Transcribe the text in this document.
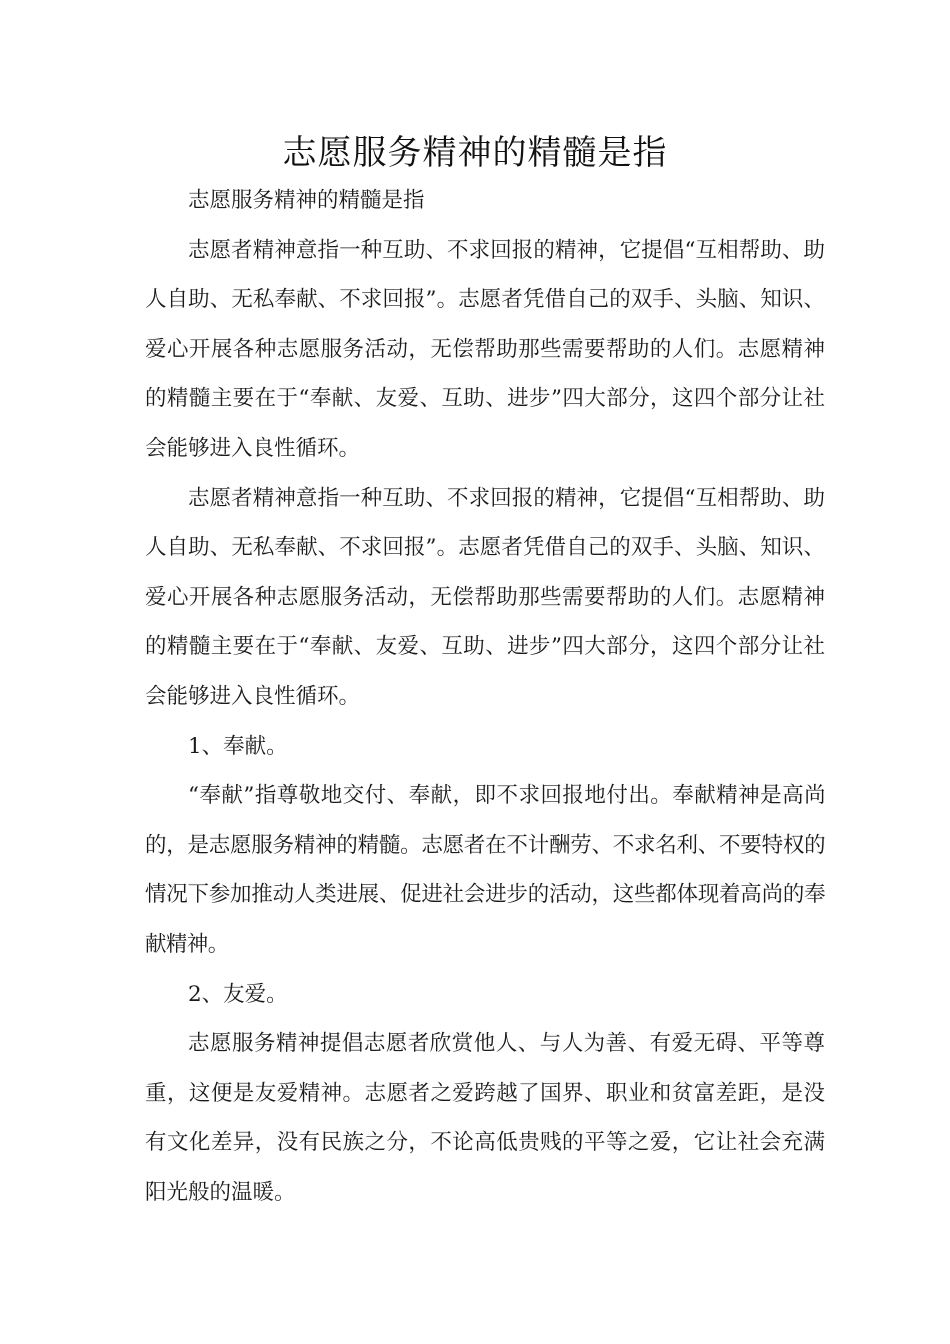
志愿服务精神的精髓是指

志愿服务精神的精髓是指

志愿者精神意指一种互助、不求回报的精神，它提倡“互相帮助、助人自助、无私奉献、不求回报”。志愿者凭借自己的双手、头脑、知识、爱心开展各种志愿服务活动，无偿帮助那些需要帮助的人们。志愿精神的精髓主要在于“奉献、友爱、互助、进步”四大部分，这四个部分让社会能够进入良性循环。

志愿者精神意指一种互助、不求回报的精神，它提倡“互相帮助、助人自助、无私奉献、不求回报”。志愿者凭借自己的双手、头脑、知识、爱心开展各种志愿服务活动，无偿帮助那些需要帮助的人们。志愿精神的精髓主要在于“奉献、友爱、互助、进步”四大部分，这四个部分让社会能够进入良性循环。

1、奉献。

“奉献”指尊敬地交付、奉献，即不求回报地付出。奉献精神是高尚的，是志愿服务精神的精髓。志愿者在不计酬劳、不求名利、不要特权的情况下参加推动人类进展、促进社会进步的活动，这些都体现着高尚的奉献精神。

2、友爱。

志愿服务精神提倡志愿者欣赏他人、与人为善、有爱无碍、平等尊重，这便是友爱精神。志愿者之爱跨越了国界、职业和贫富差距，是没有文化差异，没有民族之分，不论高低贵贱的平等之爱，它让社会充满阳光般的温暖。
